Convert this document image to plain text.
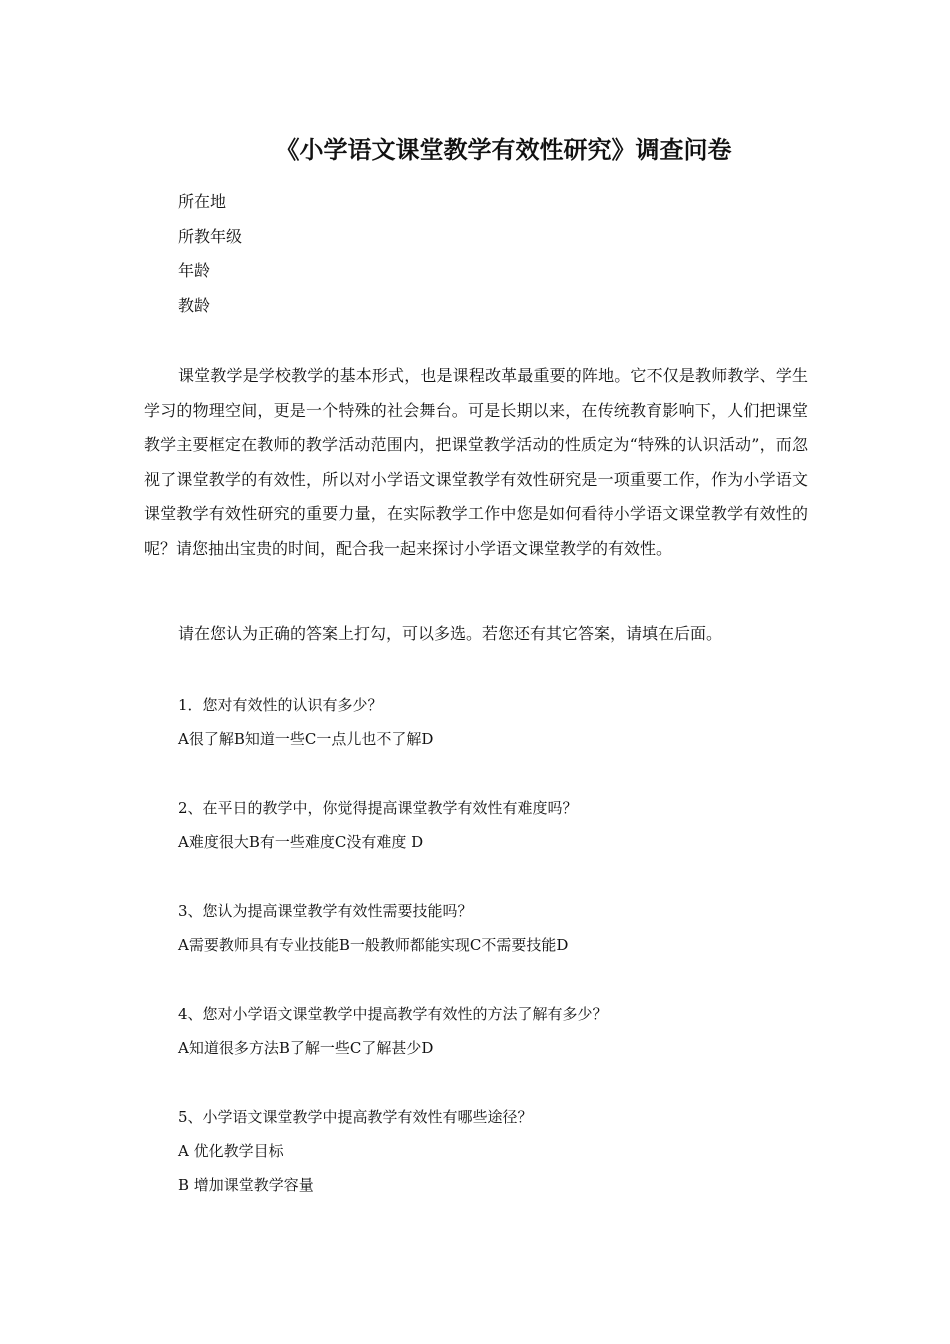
《小学语文课堂教学有效性研究》调查问卷
所在地
所教年级
年龄
教龄

课堂教学是学校教学的基本形式，也是课程改革最重要的阵地。它不仅是教师教学、学生学习的物理空间，更是一个特殊的社会舞台。可是长期以来，在传统教育影响下，人们把课堂教学主要框定在教师的教学活动范围内，把课堂教学活动的性质定为“特殊的认识活动”，而忽视了课堂教学的有效性，所以对小学语文课堂教学有效性研究是一项重要工作，作为小学语文课堂教学有效性研究的重要力量，在实际教学工作中您是如何看待小学语文课堂教学有效性的呢？请您抽出宝贵的时间，配合我一起来探讨小学语文课堂教学的有效性。

请在您认为正确的答案上打勾，可以多选。若您还有其它答案，请填在后面。
1．您对有效性的认识有多少？
A很了解B知道一些C一点儿也不了解D
2、在平日的教学中，你觉得提高课堂教学有效性有难度吗？
A难度很大B有一些难度C没有难度 D
3、您认为提高课堂教学有效性需要技能吗？
A需要教师具有专业技能B一般教师都能实现C不需要技能D
4、您对小学语文课堂教学中提高教学有效性的方法了解有多少？
A知道很多方法B了解一些C了解甚少D
5、小学语文课堂教学中提高教学有效性有哪些途径？
A 优化教学目标
B 增加课堂教学容量
